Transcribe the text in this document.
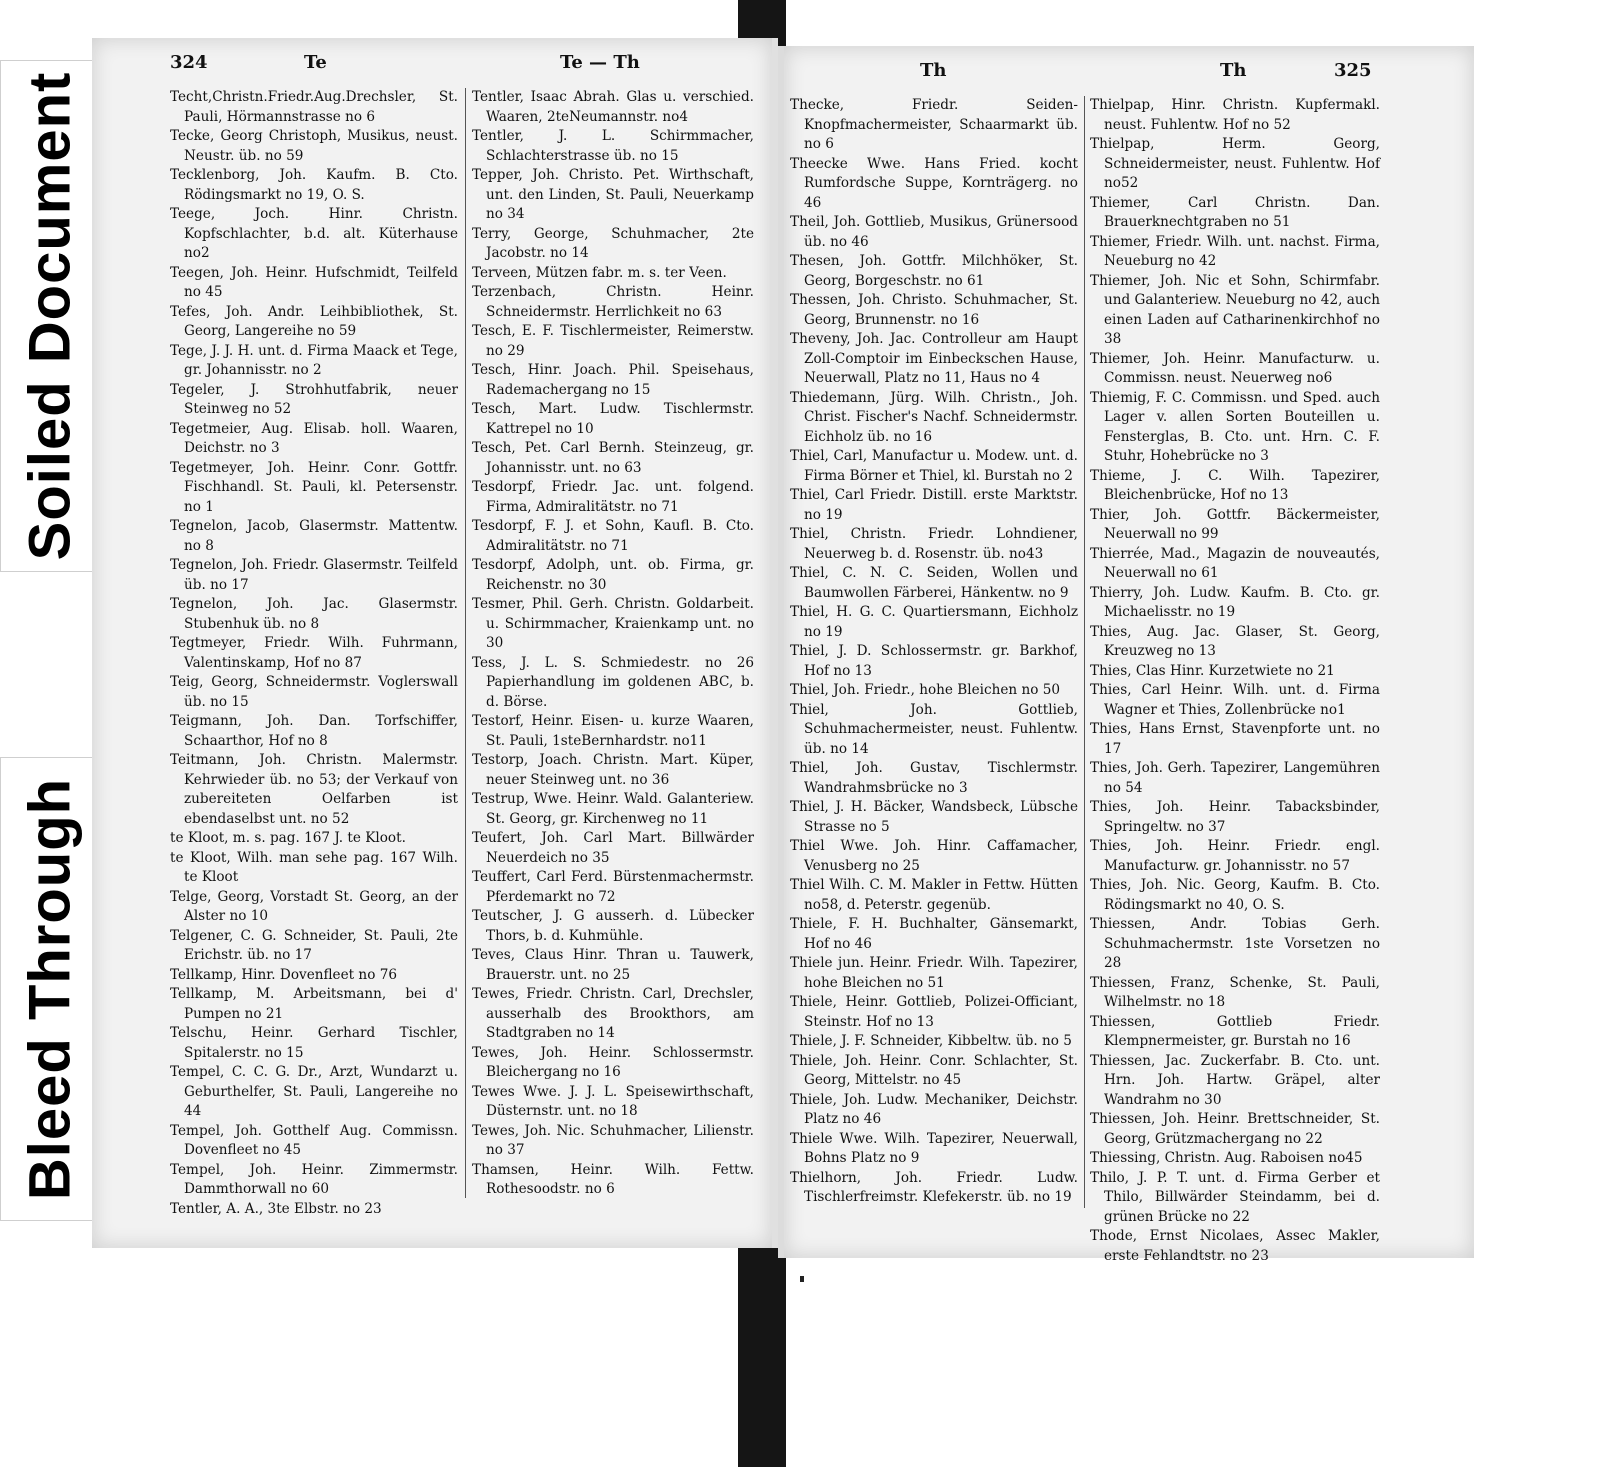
Soiled Document
Bleed Through
324	Te	Te — Th

Techt,Christn.Friedr.Aug.Drechsler, St. Pauli, Hörmannstrasse no 6

Tecke, Georg Christoph, Musikus, neust. Neustr. üb. no 59

Tecklenborg, Joh. Kaufm. B. Cto. Rödingsmarkt no 19, O. S.

Teege, Joch. Hinr. Christn. Kopfschlachter, b.d. alt. Küterhause no2

Teegen, Joh. Heinr. Hufschmidt, Teilfeld no 45

Tefes, Joh. Andr. Leihbibliothek, St. Georg, Langereihe no 59

Tege, J. J. H. unt. d. Firma Maack et Tege, gr. Johannisstr. no 2

Tegeler, J. Strohhutfabrik, neuer Steinweg no 52

Tegetmeier, Aug. Elisab. holl. Waaren, Deichstr. no 3

Tegetmeyer, Joh. Heinr. Conr. Gottfr. Fischhandl. St. Pauli, kl. Petersenstr. no 1

Tegnelon, Jacob, Glasermstr. Mattentw. no 8

Tegnelon, Joh. Friedr. Glasermstr. Teilfeld üb. no 17

Tegnelon, Joh. Jac. Glasermstr. Stubenhuk üb. no 8

Tegtmeyer, Friedr. Wilh. Fuhrmann, Valentinskamp, Hof no 87

Teig, Georg, Schneidermstr. Voglerswall üb. no 15

Teigmann, Joh. Dan. Torfschiffer, Schaarthor, Hof no 8

Teitmann, Joh. Christn. Malermstr. Kehrwieder üb. no 53; der Verkauf von zubereiteten Oelfarben ist ebendaselbst unt. no 52

te Kloot, m. s. pag. 167 J. te Kloot.

te Kloot, Wilh. man sehe pag. 167 Wilh. te Kloot

Telge, Georg, Vorstadt St. Georg, an der Alster no 10

Telgener, C. G. Schneider, St. Pauli, 2te Erichstr. üb. no 17

Tellkamp, Hinr. Dovenfleet no 76

Tellkamp, M. Arbeitsmann, bei d' Pumpen no 21

Telschu, Heinr. Gerhard Tischler, Spitalerstr. no 15

Tempel, C. C. G. Dr., Arzt, Wundarzt u. Geburthelfer, St. Pauli, Langereihe no 44

Tempel, Joh. Gotthelf Aug. Commissn. Dovenfleet no 45

Tempel, Joh. Heinr. Zimmermstr. Dammthorwall no 60

Tentler, A. A., 3te Elbstr. no 23

Tentler, Isaac Abrah. Glas u. verschied. Waaren, 2teNeumannstr. no4

Tentler, J. L. Schirmmacher, Schlachterstrasse üb. no 15

Tepper, Joh. Christo. Pet. Wirthschaft, unt. den Linden, St. Pauli, Neuerkamp no 34

Terry, George, Schuhmacher, 2te Jacobstr. no 14

Terveen, Mützen fabr. m. s. ter Veen.

Terzenbach, Christn. Heinr. Schneidermstr. Herrlichkeit no 63

Tesch, E. F. Tischlermeister, Reimerstw. no 29

Tesch, Hinr. Joach. Phil. Speisehaus, Rademachergang no 15

Tesch, Mart. Ludw. Tischlermstr. Kattrepel no 10

Tesch, Pet. Carl Bernh. Steinzeug, gr. Johannisstr. unt. no 63

Tesdorpf, Friedr. Jac. unt. folgend. Firma, Admiralitätstr. no 71

Tesdorpf, F. J. et Sohn, Kaufl. B. Cto. Admiralitätstr. no 71

Tesdorpf, Adolph, unt. ob. Firma, gr. Reichenstr. no 30

Tesmer, Phil. Gerh. Christn. Goldarbeit. u. Schirmmacher, Kraienkamp unt. no 30

Tess, J. L. S. Schmiedestr. no 26 Papierhandlung im goldenen ABC, b. d. Börse.

Testorf, Heinr. Eisen- u. kurze Waaren, St. Pauli, 1steBernhardstr. no11

Testorp, Joach. Christn. Mart. Küper, neuer Steinweg unt. no 36

Testrup, Wwe. Heinr. Wald. Galanteriew. St. Georg, gr. Kirchenweg no 11

Teufert, Joh. Carl Mart. Billwärder Neuerdeich no 35

Teuffert, Carl Ferd. Bürstenmachermstr. Pferdemarkt no 72

Teutscher, J. G ausserh. d. Lübecker Thors, b. d. Kuhmühle.

Teves, Claus Hinr. Thran u. Tauwerk, Brauerstr. unt. no 25

Tewes, Friedr. Christn. Carl, Drechsler, ausserhalb des Brookthors, am Stadtgraben no 14

Tewes, Joh. Heinr. Schlossermstr. Bleichergang no 16

Tewes Wwe. J. J. L. Speisewirthschaft, Düsternstr. unt. no 18

Tewes, Joh. Nic. Schuhmacher, Lilienstr. no 37

Thamsen, Heinr. Wilh. Fettw. Rothesoodstr. no 6

Th	Th	325

Thecke, Friedr. Seiden-Knopfmachermeister, Schaarmarkt üb. no 6

Theecke Wwe. Hans Fried. kocht Rumfordsche Suppe, Kornträgerg. no 46

Theil, Joh. Gottlieb, Musikus, Grünersood üb. no 46

Thesen, Joh. Gottfr. Milchhöker, St. Georg, Borgeschstr. no 61

Thessen, Joh. Christo. Schuhmacher, St. Georg, Brunnenstr. no 16

Theveny, Joh. Jac. Controlleur am Haupt Zoll-Comptoir im Einbeckschen Hause, Neuerwall, Platz no 11, Haus no 4

Thiedemann, Jürg. Wilh. Christn., Joh. Christ. Fischer's Nachf. Schneidermstr. Eichholz üb. no 16

Thiel, Carl, Manufactur u. Modew. unt. d. Firma Börner et Thiel, kl. Burstah no 2

Thiel, Carl Friedr. Distill. erste Marktstr. no 19

Thiel, Christn. Friedr. Lohndiener, Neuerweg b. d. Rosenstr. üb. no43

Thiel, C. N. C. Seiden, Wollen und Baumwollen Färberei, Hänkentw. no 9

Thiel, H. G. C. Quartiersmann, Eichholz no 19

Thiel, J. D. Schlossermstr. gr. Barkhof, Hof no 13

Thiel, Joh. Friedr., hohe Bleichen no 50

Thiel, Joh. Gottlieb, Schuhmachermeister, neust. Fuhlentw. üb. no 14

Thiel, Joh. Gustav, Tischlermstr. Wandrahmsbrücke no 3

Thiel, J. H. Bäcker, Wandsbeck, Lübsche Strasse no 5

Thiel Wwe. Joh. Hinr. Caffamacher, Venusberg no 25

Thiel Wilh. C. M. Makler in Fettw. Hütten no58, d. Peterstr. gegenüb.

Thiele, F. H. Buchhalter, Gänsemarkt, Hof no 46

Thiele jun. Heinr. Friedr. Wilh. Tapezirer, hohe Bleichen no 51

Thiele, Heinr. Gottlieb, Polizei-Officiant, Steinstr. Hof no 13

Thiele, J. F. Schneider, Kibbeltw. üb. no 5

Thiele, Joh. Heinr. Conr. Schlachter, St. Georg, Mittelstr. no 45

Thiele, Joh. Ludw. Mechaniker, Deichstr. Platz no 46

Thiele Wwe. Wilh. Tapezirer, Neuerwall, Bohns Platz no 9

Thielhorn, Joh. Friedr. Ludw. Tischlerfreimstr. Klefekerstr. üb. no 19

Thielpap, Hinr. Christn. Kupfermakl. neust. Fuhlentw. Hof no 52

Thielpap, Herm. Georg, Schneidermeister, neust. Fuhlentw. Hof no52

Thiemer, Carl Christn. Dan. Brauerknechtgraben no 51

Thiemer, Friedr. Wilh. unt. nachst. Firma, Neueburg no 42

Thiemer, Joh. Nic et Sohn, Schirmfabr. und Galanteriew. Neueburg no 42, auch einen Laden auf Catharinenkirchhof no 38

Thiemer, Joh. Heinr. Manufacturw. u. Commissn. neust. Neuerweg no6

Thiemig, F. C. Commissn. und Sped. auch Lager v. allen Sorten Bouteillen u. Fensterglas, B. Cto. unt. Hrn. C. F. Stuhr, Hohebrücke no 3

Thieme, J. C. Wilh. Tapezirer, Bleichenbrücke, Hof no 13

Thier, Joh. Gottfr. Bäckermeister, Neuerwall no 99

Thierrée, Mad., Magazin de nouveautés, Neuerwall no 61

Thierry, Joh. Ludw. Kaufm. B. Cto. gr. Michaelisstr. no 19

Thies, Aug. Jac. Glaser, St. Georg, Kreuzweg no 13

Thies, Clas Hinr. Kurzetwiete no 21

Thies, Carl Heinr. Wilh. unt. d. Firma Wagner et Thies, Zollenbrücke no1

Thies, Hans Ernst, Stavenpforte unt. no 17

Thies, Joh. Gerh. Tapezirer, Langemühren no 54

Thies, Joh. Heinr. Tabacksbinder, Springeltw. no 37

Thies, Joh. Heinr. Friedr. engl. Manufacturw. gr. Johannisstr. no 57

Thies, Joh. Nic. Georg, Kaufm. B. Cto. Rödingsmarkt no 40, O. S.

Thiessen, Andr. Tobias Gerh. Schuhmachermstr. 1ste Vorsetzen no 28

Thiessen, Franz, Schenke, St. Pauli, Wilhelmstr. no 18

Thiessen, Gottlieb Friedr. Klempnermeister, gr. Burstah no 16

Thiessen, Jac. Zuckerfabr. B. Cto. unt. Hrn. Joh. Hartw. Gräpel, alter Wandrahm no 30

Thiessen, Joh. Heinr. Brettschneider, St. Georg, Grützmachergang no 22

Thiessing, Christn. Aug. Raboisen no45

Thilo, J. P. T. unt. d. Firma Gerber et Thilo, Billwärder Steindamm, bei d. grünen Brücke no 22

Thode, Ernst Nicolaes, Assec Makler, erste Fehlandtstr. no 23
